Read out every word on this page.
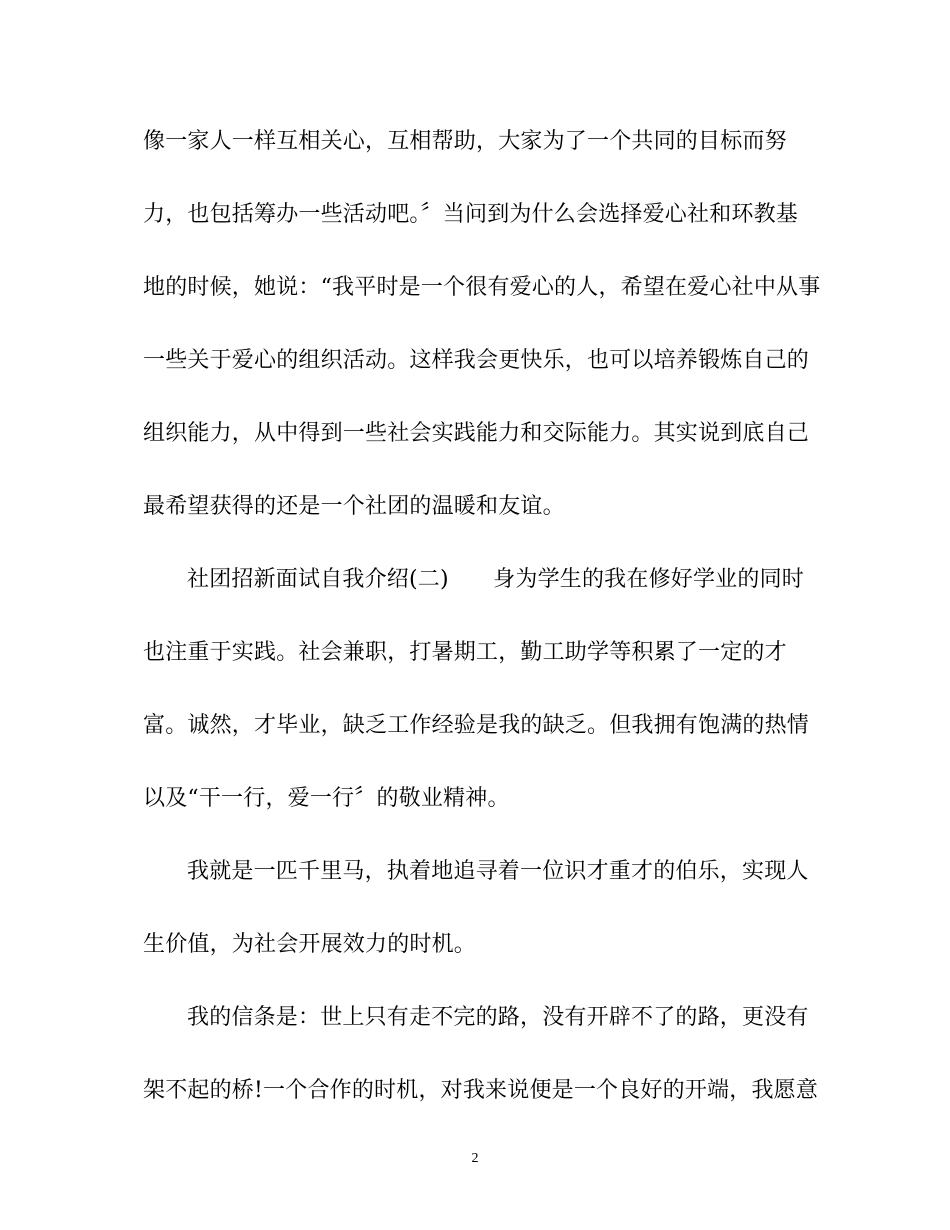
像一家人一样互相关心，互相帮助，大家为了一个共同的目标而努
力，也包括筹办一些活动吧。〞当问到为什么会选择爱心社和环教基
地的时候，她说：“我平时是一个很有爱心的人，希望在爱心社中从事
一些关于爱心的组织活动。这样我会更快乐，也可以培养锻炼自己的
组织能力，从中得到一些社会实践能力和交际能力。其实说到底自己
最希望获得的还是一个社团的温暖和友谊。
社团招新面试自我介绍(二)　　身为学生的我在修好学业的同时
也注重于实践。社会兼职，打暑期工，勤工助学等积累了一定的才
富。诚然，才毕业，缺乏工作经验是我的缺乏。但我拥有饱满的热情
以及“干一行，爱一行〞的敬业精神。
我就是一匹千里马，执着地追寻着一位识才重才的伯乐，实现人
生价值，为社会开展效力的时机。
我的信条是：世上只有走不完的路，没有开辟不了的路，更没有
架不起的桥!一个合作的时机，对我来说便是一个良好的开端，我愿意
2
